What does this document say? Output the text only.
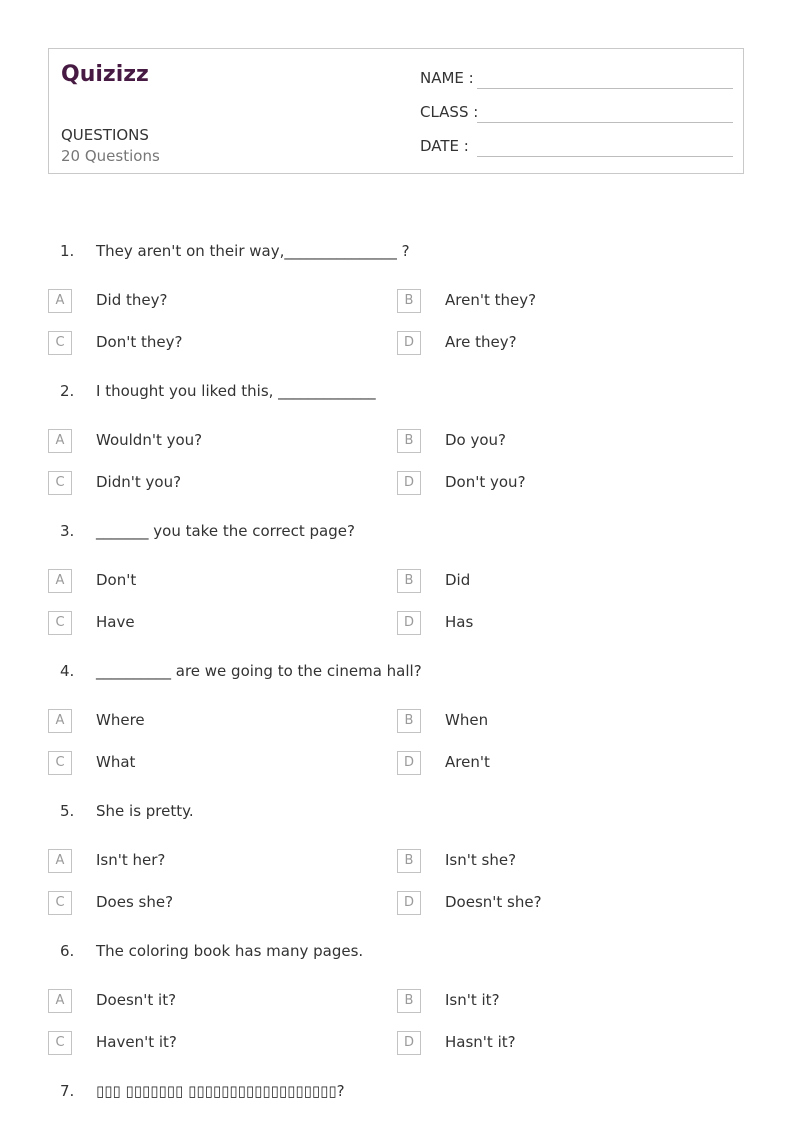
Quizizz
QUESTIONS
20 Questions
NAME :
CLASS :
DATE :
1. They aren't on their way,_______________ ?
A	Did they?	B	Aren't they?
C	Don't they?	D	Are they?
2. I thought you liked this, _____________
A	Wouldn't you?	B	Do you?
C	Didn't you?	D	Don't you?
3. _______ you take the correct page?
A	Don't	B	Did
C	Have	D	Has
4. __________ are we going to the cinema hall?
A	Where	B	When
C	What	D	Aren't
5. She is pretty.
A	Isn't her?	B	Isn't she?
C	Does she?	D	Doesn't she?
6. The coloring book has many pages.
A	Doesn't it?	B	Isn't it?
C	Haven't it?	D	Hasn't it?
7. ▯▯▯ ▯▯▯▯▯▯▯ ▯▯▯▯▯▯▯▯▯▯▯▯▯▯▯▯▯▯?
